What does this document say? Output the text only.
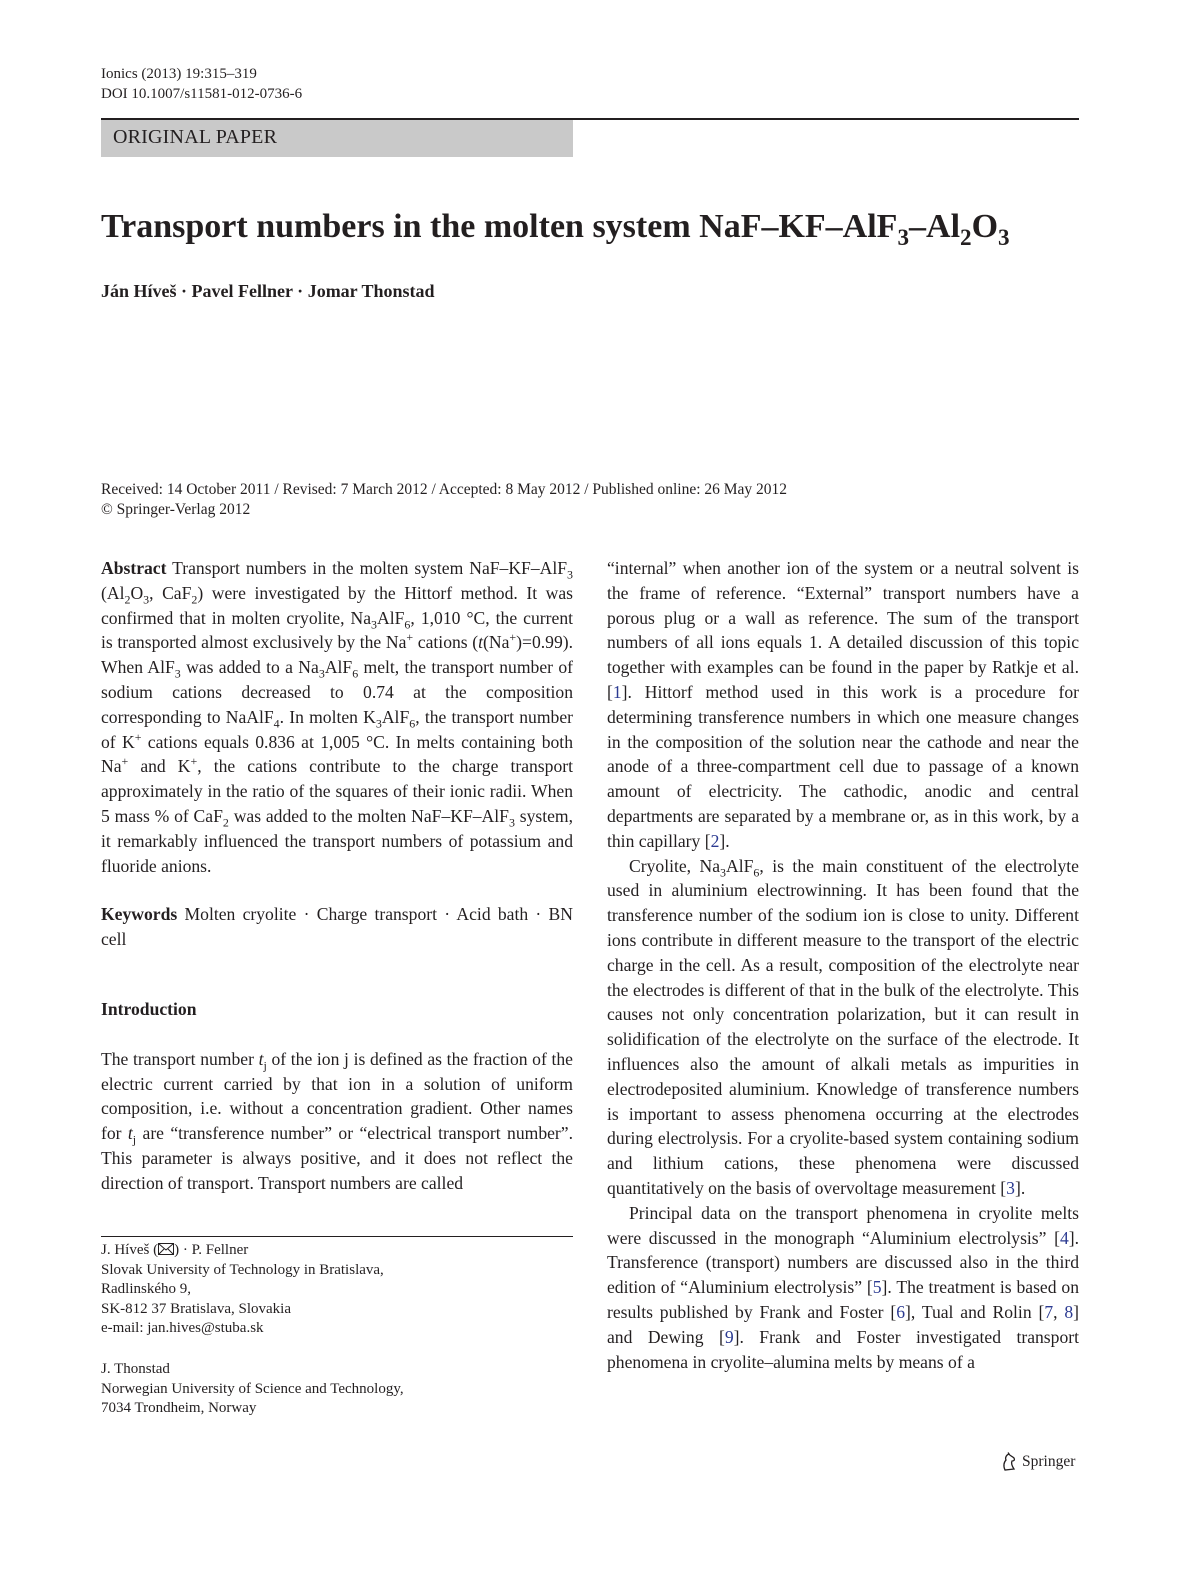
Ionics (2013) 19:315–319
DOI 10.1007/s11581-012-0736-6
ORIGINAL PAPER
Transport numbers in the molten system NaF–$KF-AlF_3-Al_2O_3$
Ján Híveš · Pavel Fellner · Jomar Thonstad
Received: 14 October 2011 / Revised: 7 March 2012 / Accepted: 8 May 2012 / Published online: 26 May 2012
© Springer-Verlag 2012

Abstract Transport numbers in the molten system NaF–KF–AlF$_3$ ($Al_2O_3$, CaF$_2$) were investigated by the Hittorf method. It was confirmed that in molten cryolite, $Na_3AlF_6$, 1,010 °C, the current is transported almost exclusively by the Na+ cations (t(Na+)=0.99). When AlF$_3$ was added to a $Na_3AlF_6$ melt, the transport number of sodium cations decreased to 0.74 at the composition corresponding to NaAlF$_4$. In molten $K_3AlF_6$, the transport number of K+ cations equals 0.836 at 1,005 °C. In melts containing both Na+ and K+, the cations contribute to the charge transport approximately in the ratio of the squares of their ionic radii. When 5 mass % of CaF$_2$ was added to the molten NaF–KF–AlF$_3$ system, it remarkably influenced the transport numbers of potassium and fluoride anions.

Keywords Molten cryolite · Charge transport · Acid bath · BN cell

Introduction

The transport number $t_j$ of the ion j is defined as the fraction of the electric current carried by that ion in a solution of uniform composition, i.e. without a concentration gradient. Other names for $t_j$ are “transference number” or “electrical transport number”. This parameter is always positive, and it does not reflect the direction of transport. Transport numbers are called

“internal” when another ion of the system or a neutral solvent is the frame of reference. “External” transport numbers have a porous plug or a wall as reference. The sum of the transport numbers of all ions equals 1. A detailed discussion of this topic together with examples can be found in the paper by Ratkje et al. [1]. Hittorf method used in this work is a procedure for determining transference numbers in which one measure changes in the composition of the solution near the cathode and near the anode of a three-compartment cell due to passage of a known amount of electricity. The cathodic, anodic and central departments are separated by a membrane or, as in this work, by a thin capillary [2].

Cryolite, $Na_3AlF_6$, is the main constituent of the electrolyte used in aluminium electrowinning. It has been found that the transference number of the sodium ion is close to unity. Different ions contribute in different measure to the transport of the electric charge in the cell. As a result, composition of the electrolyte near the electrodes is different of that in the bulk of the electrolyte. This causes not only concentration polarization, but it can result in solidification of the electrolyte on the surface of the electrode. It influences also the amount of alkali metals as impurities in electrodeposited aluminium. Knowledge of transference numbers is important to assess phenomena occurring at the electrodes during electrolysis. For a cryolite-based system containing sodium and lithium cations, these phenomena were discussed quantitatively on the basis of overvoltage measurement [3].

Principal data on the transport phenomena in cryolite melts were discussed in the monograph “Aluminium electrolysis” [4]. Transference (transport) numbers are discussed also in the third edition of “Aluminium electrolysis” [5]. The treatment is based on results published by Frank and Foster [6], Tual and Rolin [7, 8] and Dewing [9]. Frank and Foster investigated transport phenomena in cryolite–alumina melts by means of a

J. Híveš ( ) · P. Fellner

Slovak University of Technology in Bratislava,

Radlinského 9,

SK-812 37 Bratislava, Slovakia

e-mail: jan.hives@stuba.sk

J. Thonstad

Norwegian University of Science and Technology,

7034 Trondheim, Norway

Springer
